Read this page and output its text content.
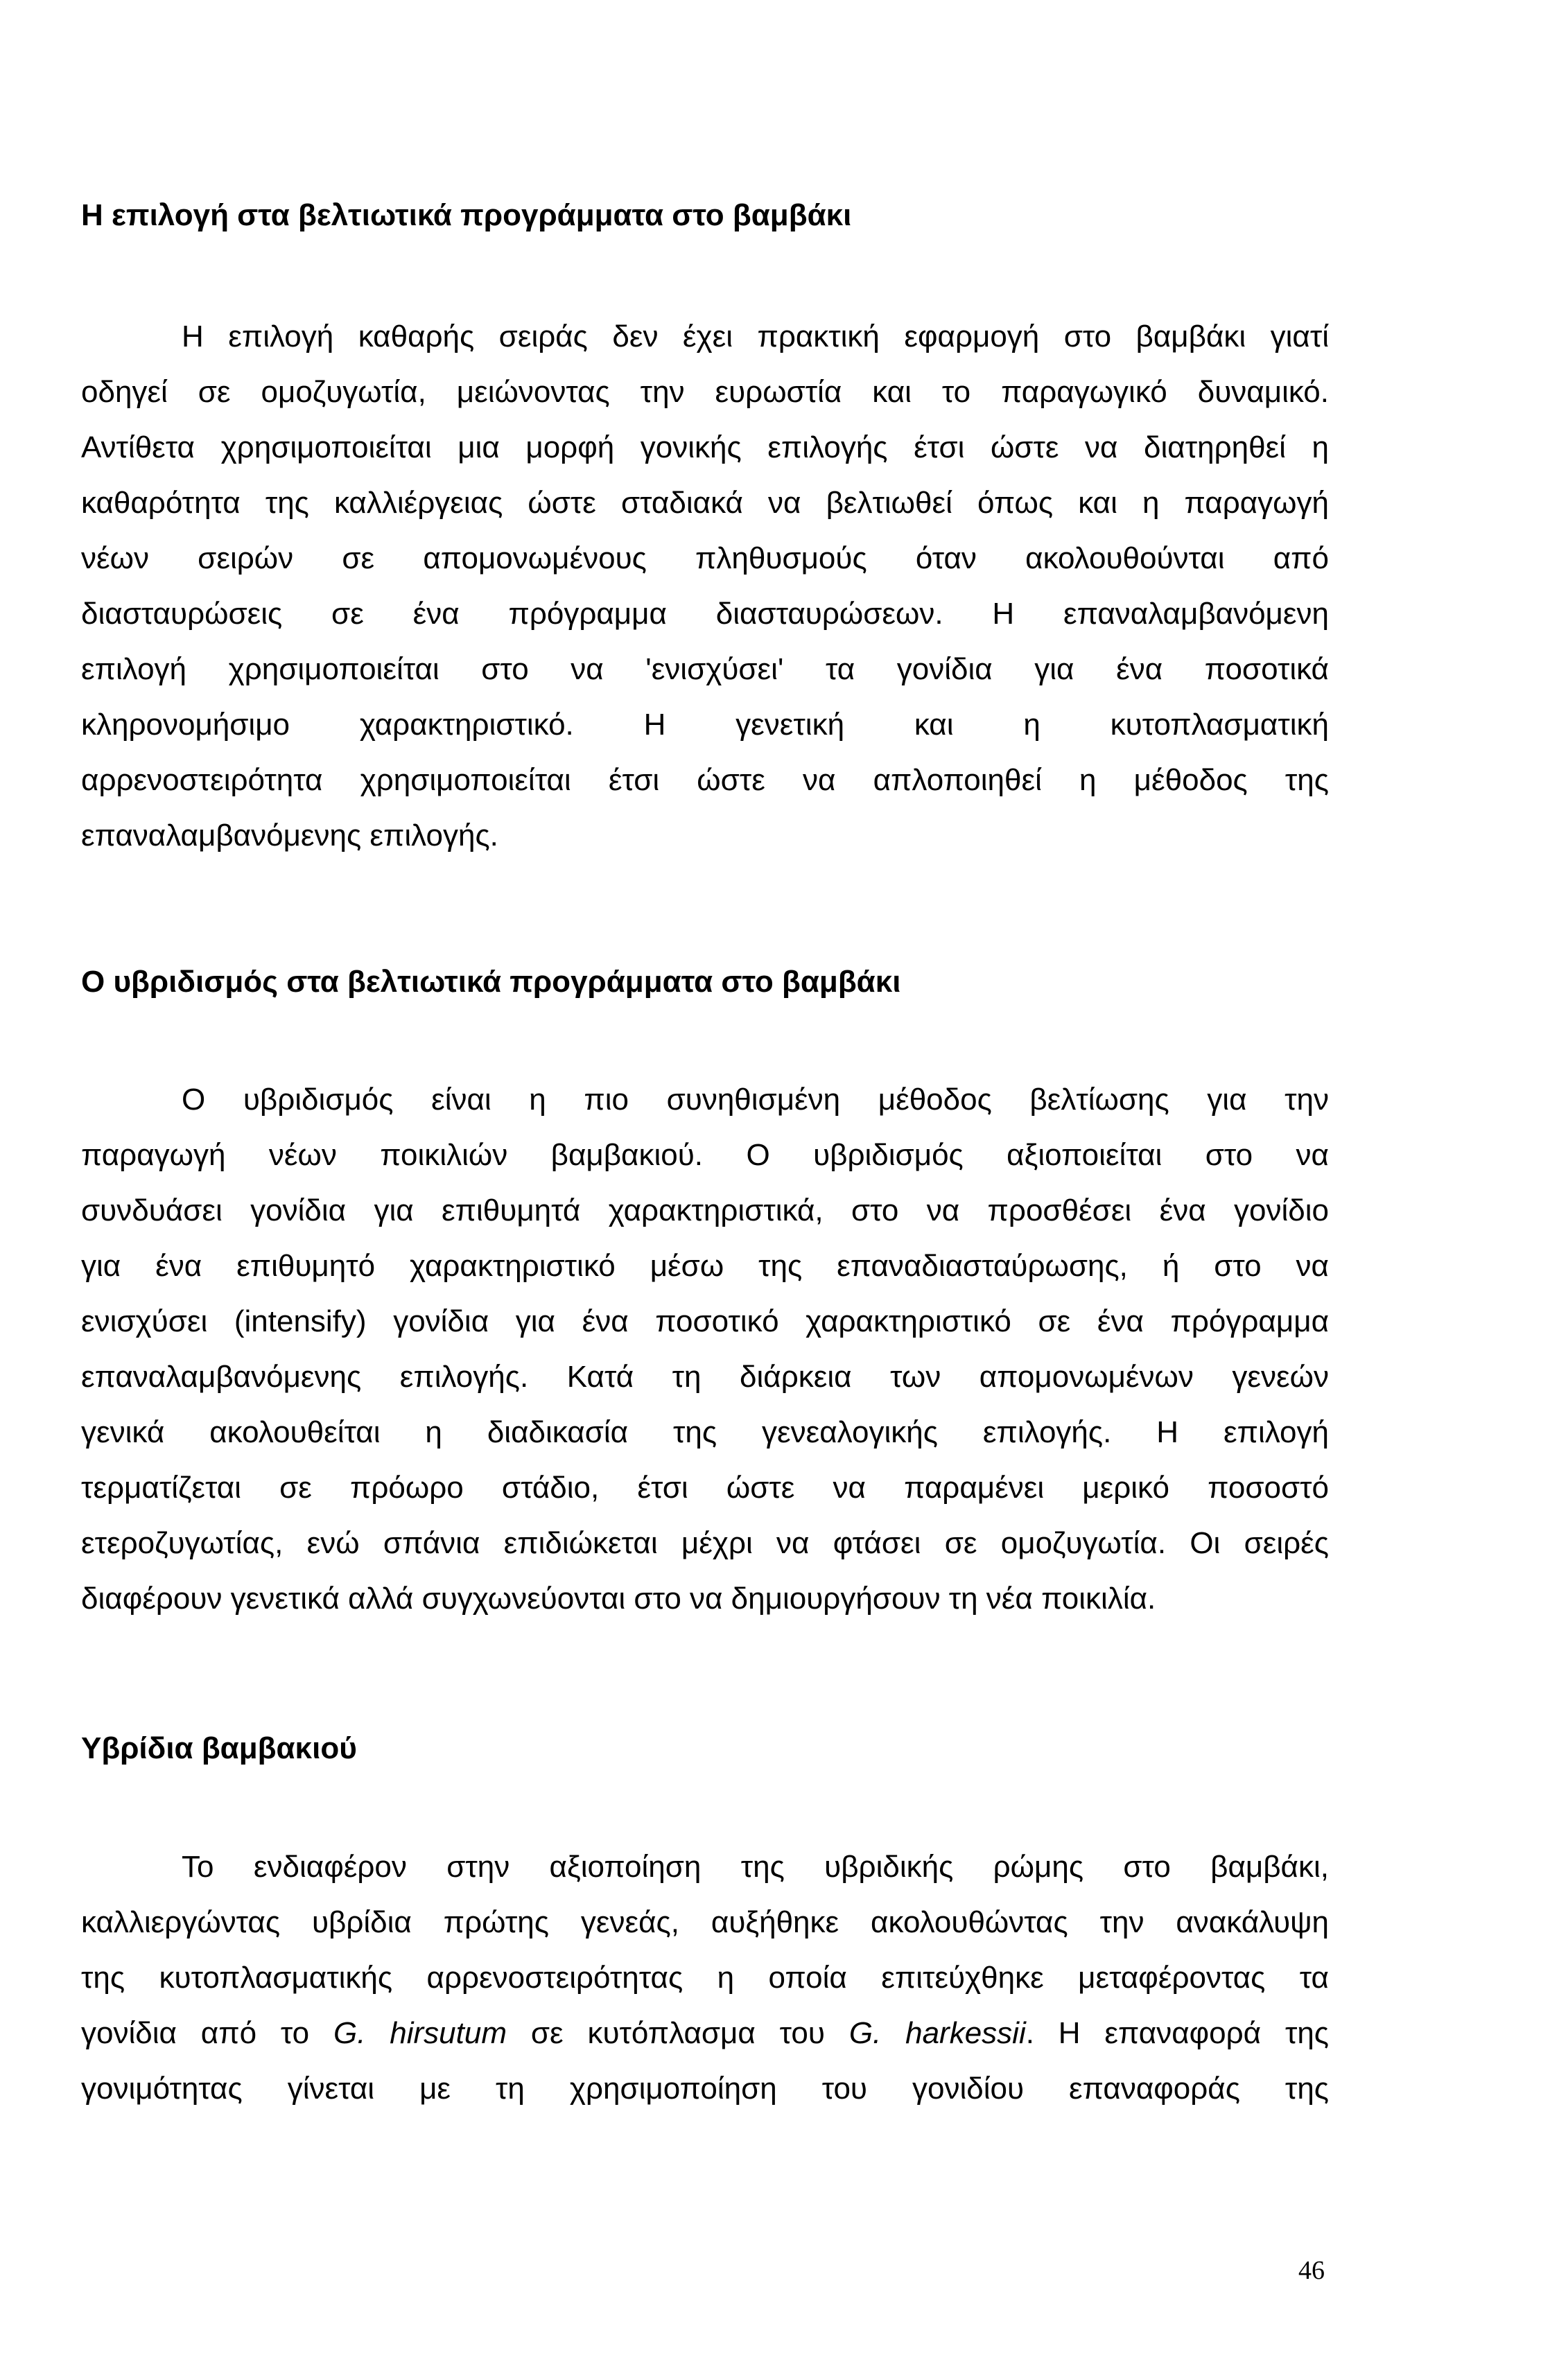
Η επιλογή στα βελτιωτικά προγράμματα στο βαμβάκι
Η επιλογή καθαρής σειράς δεν έχει πρακτική εφαρμογή στο βαμβάκι γιατί
οδηγεί σε ομοζυγωτία, μειώνοντας την ευρωστία και το παραγωγικό δυναμικό.
Αντίθετα χρησιμοποιείται μια μορφή γονικής επιλογής έτσι ώστε να διατηρηθεί η
καθαρότητα της καλλιέργειας ώστε σταδιακά να βελτιωθεί όπως και η παραγωγή
νέων σειρών σε απομονωμένους πληθυσμούς όταν ακολουθούνται από
διασταυρώσεις σε ένα πρόγραμμα διασταυρώσεων. Η επαναλαμβανόμενη
επιλογή χρησιμοποιείται στο να 'ενισχύσει' τα γονίδια για ένα ποσοτικά
κληρονομήσιμο χαρακτηριστικό. Η γενετική και η κυτοπλασματική
αρρενοστειρότητα χρησιμοποιείται έτσι ώστε να απλοποιηθεί η μέθοδος της
επαναλαμβανόμενης επιλογής.
Ο υβριδισμός στα βελτιωτικά προγράμματα στο βαμβάκι
Ο υβριδισμός είναι η πιο συνηθισμένη μέθοδος βελτίωσης για την
παραγωγή νέων ποικιλιών βαμβακιού. Ο υβριδισμός αξιοποιείται στο να
συνδυάσει γονίδια για επιθυμητά χαρακτηριστικά, στο να προσθέσει ένα γονίδιο
για ένα επιθυμητό χαρακτηριστικό μέσω της επαναδιασταύρωσης, ή στο να
ενισχύσει (intensify) γονίδια για ένα ποσοτικό χαρακτηριστικό σε ένα πρόγραμμα
επαναλαμβανόμενης επιλογής. Κατά τη διάρκεια των απομονωμένων γενεών
γενικά ακολουθείται η διαδικασία της γενεαλογικής επιλογής. Η επιλογή
τερματίζεται σε πρόωρο στάδιο, έτσι ώστε να παραμένει μερικό ποσοστό
ετεροζυγωτίας, ενώ σπάνια επιδιώκεται μέχρι να φτάσει σε ομοζυγωτία. Οι σειρές
διαφέρουν γενετικά αλλά συγχωνεύονται στο να δημιουργήσουν τη νέα ποικιλία.
Υβρίδια βαμβακιού
Το ενδιαφέρον στην αξιοποίηση της υβριδικής ρώμης στο βαμβάκι,
καλλιεργώντας υβρίδια πρώτης γενεάς, αυξήθηκε ακολουθώντας την ανακάλυψη
της κυτοπλασματικής αρρενοστειρότητας η οποία επιτεύχθηκε μεταφέροντας τα
γονίδια από το G. hirsutum σε κυτόπλασμα του G. harkessii. Η επαναφορά της
γονιμότητας γίνεται με τη χρησιμοποίηση του γονιδίου επαναφοράς της
46
